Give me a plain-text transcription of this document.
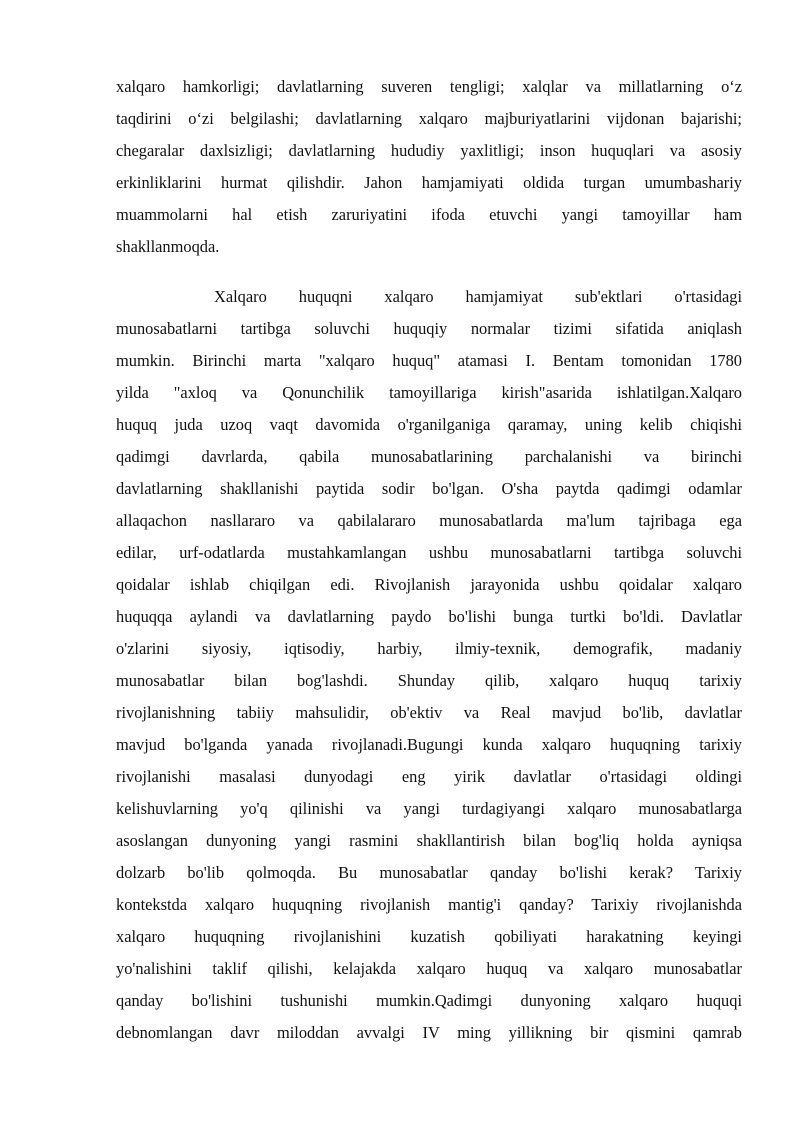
xalqaro hamkorligi; davlatlarning suveren tengligi; xalqlar va millatlarning o‘z
taqdirini o‘zi belgilashi; davlatlarning xalqaro majburiyatlarini vijdonan bajarishi;
chegaralar daxlsizligi; davlatlarning hududiy yaxlitligi; inson huquqlari va asosiy
erkinliklarini hurmat qilishdir. Jahon hamjamiyati oldida turgan umumbashariy
muammolarni hal etish zaruriyatini ifoda etuvchi yangi tamoyillar ham
shakllanmoqda.
Xalqaro huquqni xalqaro hamjamiyat sub'ektlari o'rtasidagi
munosabatlarni tartibga soluvchi huquqiy normalar tizimi sifatida aniqlash
mumkin. Birinchi marta "xalqaro huquq" atamasi I. Bentam tomonidan 1780
yilda "axloq va Qonunchilik tamoyillariga kirish"asarida ishlatilgan.Xalqaro
huquq juda uzoq vaqt davomida o'rganilganiga qaramay, uning kelib chiqishi
qadimgi davrlarda, qabila munosabatlarining parchalanishi va birinchi
davlatlarning shakllanishi paytida sodir bo'lgan. O'sha paytda qadimgi odamlar
allaqachon nasllararo va qabilalararo munosabatlarda ma'lum tajribaga ega
edilar, urf-odatlarda mustahkamlangan ushbu munosabatlarni tartibga soluvchi
qoidalar ishlab chiqilgan edi. Rivojlanish jarayonida ushbu qoidalar xalqaro
huquqqa aylandi va davlatlarning paydo bo'lishi bunga turtki bo'ldi. Davlatlar
o'zlarini siyosiy, iqtisodiy, harbiy, ilmiy-texnik, demografik, madaniy
munosabatlar bilan bog'lashdi. Shunday qilib, xalqaro huquq tarixiy
rivojlanishning tabiiy mahsulidir, ob'ektiv va Real mavjud bo'lib, davlatlar
mavjud bo'lganda yanada rivojlanadi.Bugungi kunda xalqaro huquqning tarixiy
rivojlanishi masalasi dunyodagi eng yirik davlatlar o'rtasidagi oldingi
kelishuvlarning yo'q qilinishi va yangi turdagiyangi xalqaro munosabatlarga
asoslangan dunyoning yangi rasmini shakllantirish bilan bog'liq holda ayniqsa
dolzarb bo'lib qolmoqda. Bu munosabatlar qanday bo'lishi kerak? Tarixiy
kontekstda xalqaro huquqning rivojlanish mantig'i qanday? Tarixiy rivojlanishda
xalqaro huquqning rivojlanishini kuzatish qobiliyati harakatning keyingi
yo'nalishini taklif qilishi, kelajakda xalqaro huquq va xalqaro munosabatlar
qanday bo'lishini tushunishi mumkin.Qadimgi dunyoning xalqaro huquqi
debnomlangan davr miloddan avvalgi IV ming yillikning bir qismini qamrab
